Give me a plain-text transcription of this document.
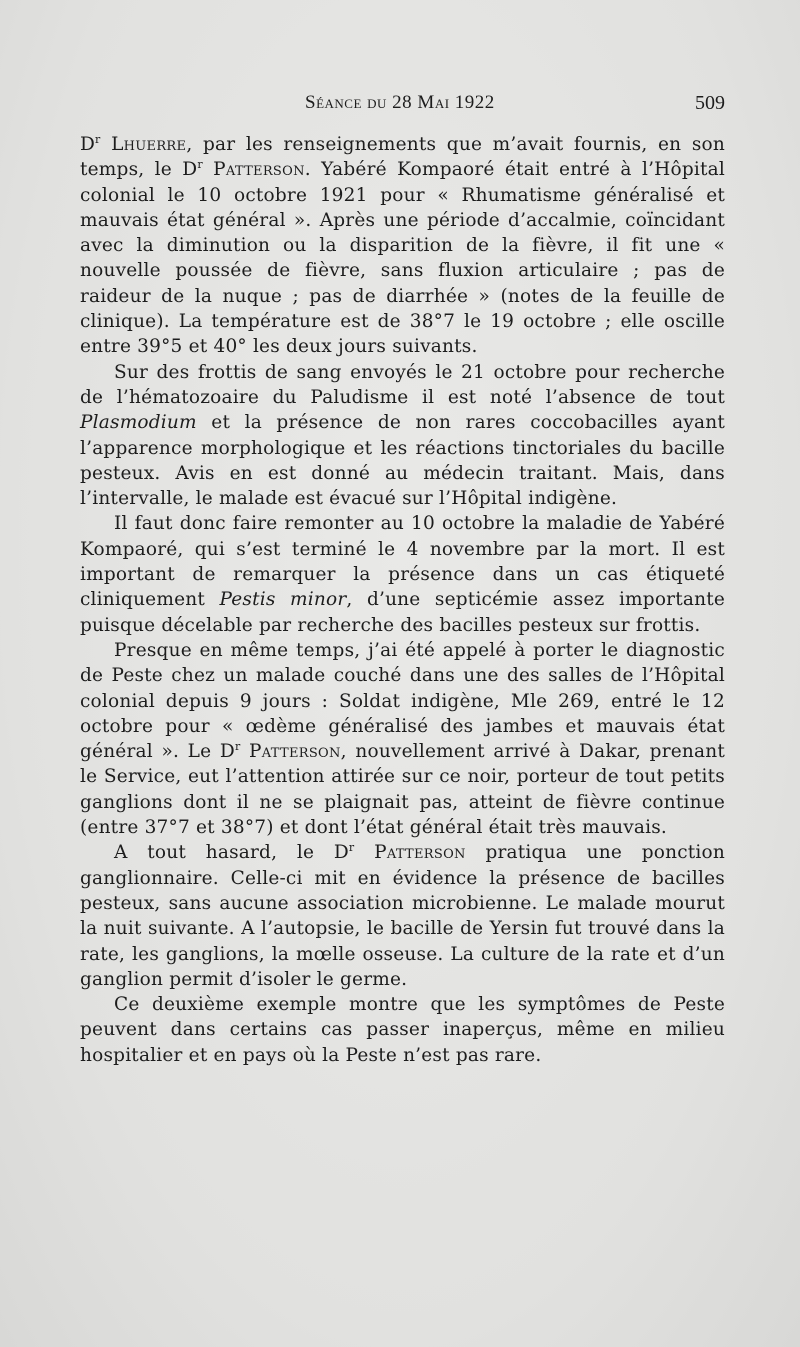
Séance du 28 Mai 1922	509

$D^r$ Lhuerre, par les renseignements que m’avait fournis, en son temps, le $D^r$ Patterson. Yabéré Kompaoré était entré à l’Hôpital colonial le 10 octobre 1921 pour « Rhumatisme généralisé et mauvais état général ». Après une période d’accalmie, coïncidant avec la diminution ou la disparition de la fièvre, il fit une « nouvelle poussée de fièvre, sans fluxion articulaire ; pas de raideur de la nuque ; pas de diarrhée » (notes de la feuille de clinique). La température est de 38°7 le 19 octobre ; elle oscille entre 39°5 et 40° les deux jours suivants.

Sur des frottis de sang envoyés le 21 octobre pour recherche de l’hématozoaire du Paludisme il est noté l’absence de tout Plasmodium et la présence de non rares coccobacilles ayant l’apparence morphologique et les réactions tinctoriales du bacille pesteux. Avis en est donné au médecin traitant. Mais, dans l’intervalle, le malade est évacué sur l’Hôpital indigène.

Il faut donc faire remonter au 10 octobre la maladie de Yabéré Kompaoré, qui s’est terminé le 4 novembre par la mort. Il est important de remarquer la présence dans un cas étiqueté cliniquement Pestis minor, d’une septicémie assez importante puisque décelable par recherche des bacilles pesteux sur frottis.

Presque en même temps, j’ai été appelé à porter le diagnostic de Peste chez un malade couché dans une des salles de l’Hôpital colonial depuis 9 jours : Soldat indigène, Mle 269, entré le 12 octobre pour « œdème généralisé des jambes et mauvais état général ». Le $D^r$ Patterson, nouvellement arrivé à Dakar, prenant le Service, eut l’attention attirée sur ce noir, porteur de tout petits ganglions dont il ne se plaignait pas, atteint de fièvre continue (entre 37°7 et 38°7) et dont l’état général était très mauvais.

A tout hasard, le $D^r$ Patterson pratiqua une ponction ganglionnaire. Celle-ci mit en évidence la présence de bacilles pesteux, sans aucune association microbienne. Le malade mourut la nuit suivante. A l’autopsie, le bacille de Yersin fut trouvé dans la rate, les ganglions, la mœlle osseuse. La culture de la rate et d’un ganglion permit d’isoler le germe.

Ce deuxième exemple montre que les symptômes de Peste peuvent dans certains cas passer inaperçus, même en milieu hospitalier et en pays où la Peste n’est pas rare.
